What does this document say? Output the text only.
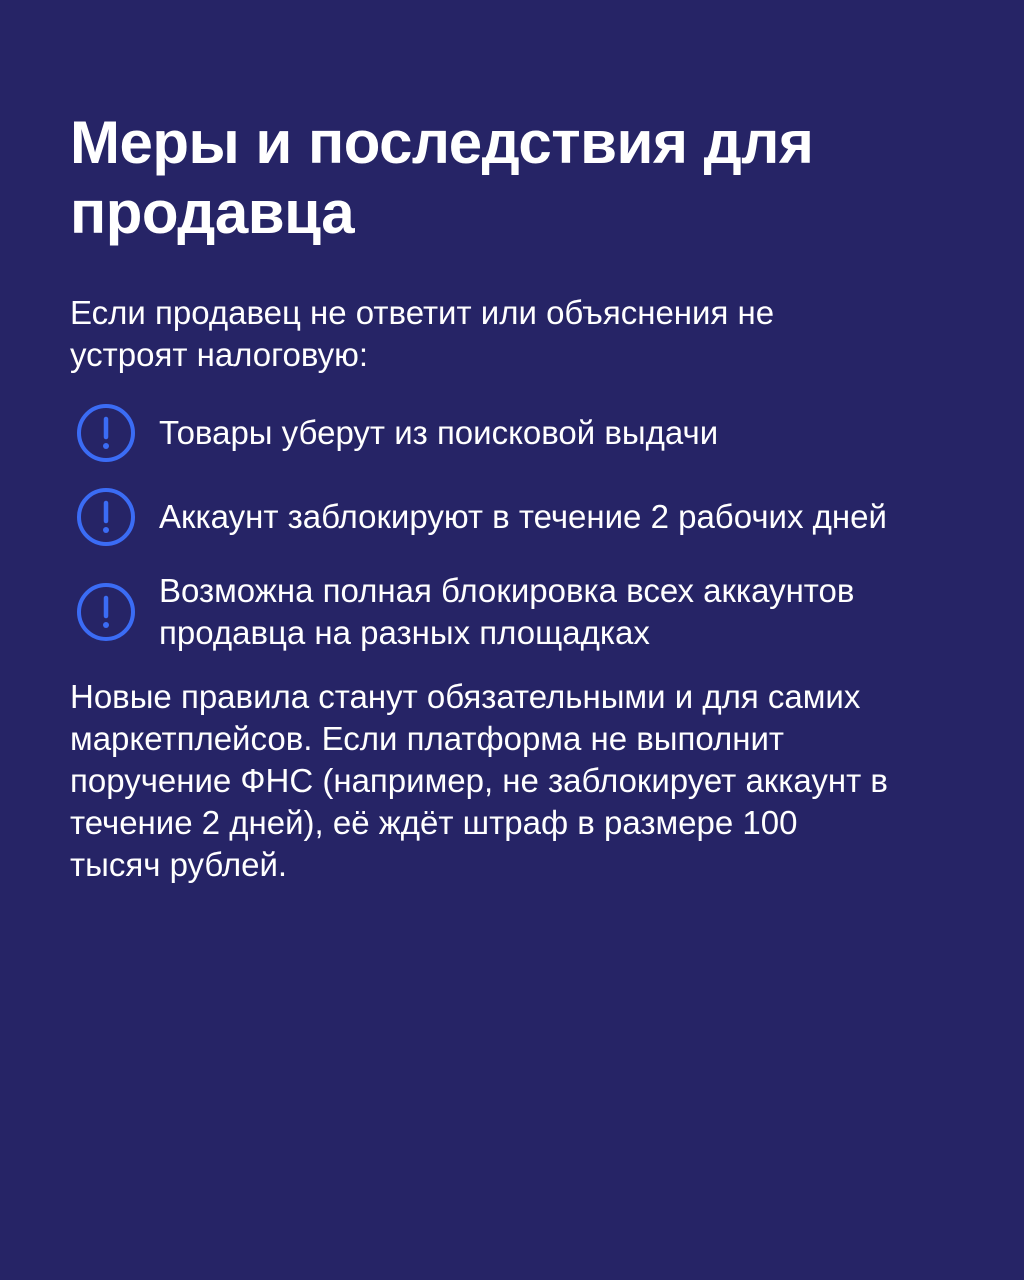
Меры и последствия для продавца

Если продавец не ответит или объяснения не устроят налоговую:

Товары уберут из поисковой выдачи
Аккаунт заблокируют в течение 2 рабочих дней
Возможна полная блокировка всех аккаунтов продавца на разных площадках

Новые правила станут обязательными и для самих маркетплейсов. Если платформа не выполнит поручение ФНС (например, не заблокирует аккаунт в течение 2 дней), её ждёт штраф в размере 100 тысяч рублей.
